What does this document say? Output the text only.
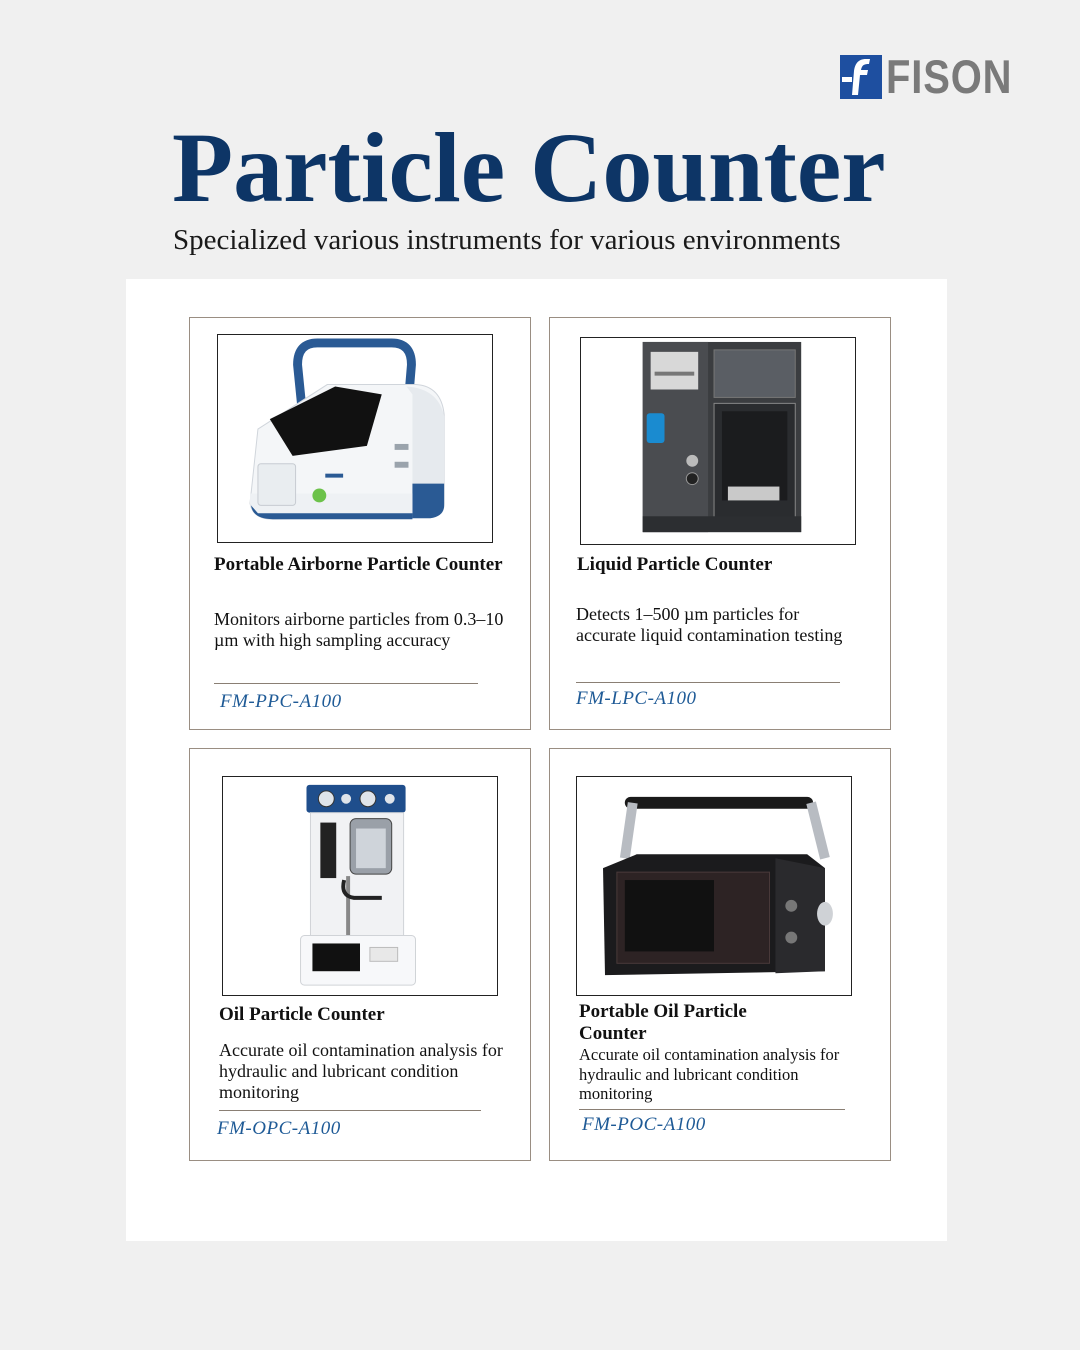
FISON
Particle Counter
Specialized various instruments for various environments
Portable Airborne Particle Counter
Monitors airborne particles from 0.3–10 µm with high sampling accuracy
FM-PPC-A100
Liquid Particle Counter
Detects 1–500 µm particles for accurate liquid contamination testing
FM-LPC-A100
Oil Particle Counter
Accurate oil contamination analysis for hydraulic and lubricant condition monitoring
FM-OPC-A100
Portable Oil Particle Counter
Accurate oil contamination analysis for hydraulic and lubricant condition monitoring
FM-POC-A100
